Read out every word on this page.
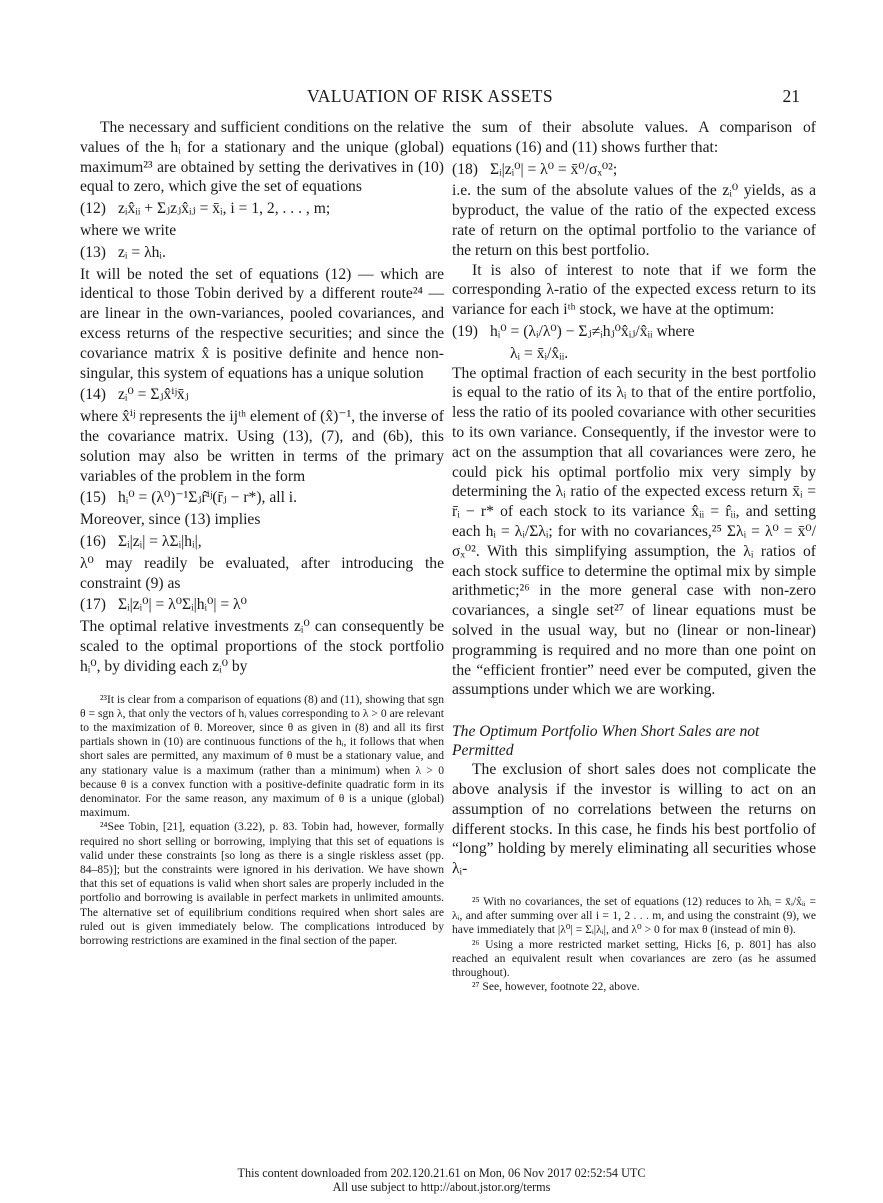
VALUATION OF RISK ASSETS	21

The necessary and sufficient conditions on the relative values of the hᵢ for a stationary and the unique (global) maximum²³ are obtained by setting the derivatives in (10) equal to zero, which give the set of equations

(12) zᵢx̂ᵢᵢ + Σⱼzⱼx̂ᵢⱼ = x̄ᵢ, i = 1, 2, . . . , m;

where we write

(13) zᵢ = λhᵢ.

It will be noted the set of equations (12) — which are identical to those Tobin derived by a different route²⁴ — are linear in the own-variances, pooled covariances, and excess returns of the respective securities; and since the covariance matrix x̂ is positive definite and hence non-singular, this system of equations has a unique solution

(14) zᵢ⁰ = Σⱼx̂ⁱʲx̄ⱼ

where x̂ⁱʲ represents the ijᵗʰ element of (x̂)⁻¹, the inverse of the covariance matrix. Using (13), (7), and (6b), this solution may also be written in terms of the primary variables of the problem in the form

(15) hᵢ⁰ = (λ⁰)⁻¹Σⱼr̂ⁱʲ(r̄ⱼ − r*), all i.

Moreover, since (13) implies

(16) Σᵢ|zᵢ| = λΣᵢ|hᵢ|,

λ⁰ may readily be evaluated, after introducing the constraint (9) as

(17) Σᵢ|zᵢ⁰| = λ⁰Σᵢ|hᵢ⁰| = λ⁰

The optimal relative investments zᵢ⁰ can consequently be scaled to the optimal proportions of the stock portfolio hᵢ⁰, by dividing each zᵢ⁰ by

²³It is clear from a comparison of equations (8) and (11), showing that sgn θ = sgn λ, that only the vectors of hᵢ values corresponding to λ > 0 are relevant to the maximization of θ. Moreover, since θ as given in (8) and all its first partials shown in (10) are continuous functions of the hᵢ, it follows that when short sales are permitted, any maximum of θ must be a stationary value, and any stationary value is a maximum (rather than a minimum) when λ > 0 because θ is a convex function with a positive-definite quadratic form in its denominator. For the same reason, any maximum of θ is a unique (global) maximum.

²⁴See Tobin, [21], equation (3.22), p. 83. Tobin had, however, formally required no short selling or borrowing, implying that this set of equations is valid under these constraints [so long as there is a single riskless asset (pp. 84–85)]; but the constraints were ignored in his derivation. We have shown that this set of equations is valid when short sales are properly included in the portfolio and borrowing is available in perfect markets in unlimited amounts. The alternative set of equilibrium conditions required when short sales are ruled out is given immediately below. The complications introduced by borrowing restrictions are examined in the final section of the paper.

the sum of their absolute values. A comparison of equations (16) and (11) shows further that:

(18) Σᵢ|zᵢ⁰| = λ⁰ = x̄⁰/σₓ⁰²;

i.e. the sum of the absolute values of the zᵢ⁰ yields, as a byproduct, the value of the ratio of the expected excess rate of return on the optimal portfolio to the variance of the return on this best portfolio.

It is also of interest to note that if we form the corresponding λ-ratio of the expected excess return to its variance for each iᵗʰ stock, we have at the optimum:

(19) hᵢ⁰ = (λᵢ/λ⁰) − Σⱼ≠ᵢhⱼ⁰x̂ᵢⱼ/x̂ᵢᵢ where
λᵢ = x̄ᵢ/x̂ᵢᵢ.

The optimal fraction of each security in the best portfolio is equal to the ratio of its λᵢ to that of the entire portfolio, less the ratio of its pooled covariance with other securities to its own variance. Consequently, if the investor were to act on the assumption that all covariances were zero, he could pick his optimal portfolio mix very simply by determining the λᵢ ratio of the expected excess return x̄ᵢ = r̄ᵢ − r* of each stock to its variance x̂ᵢᵢ = r̂ᵢᵢ, and setting each hᵢ = λᵢ/Σλᵢ; for with no covariances,²⁵ Σλᵢ = λ⁰ = x̄⁰/σₓ⁰². With this simplifying assumption, the λᵢ ratios of each stock suffice to determine the optimal mix by simple arithmetic;²⁶ in the more general case with non-zero covariances, a single set²⁷ of linear equations must be solved in the usual way, but no (linear or non-linear) programming is required and no more than one point on the “efficient frontier” need ever be computed, given the assumptions under which we are working.

The Optimum Portfolio When Short Sales are not Permitted

The exclusion of short sales does not complicate the above analysis if the investor is willing to act on an assumption of no correlations between the returns on different stocks. In this case, he finds his best portfolio of “long” holding by merely eliminating all securities whose λᵢ-

²⁵ With no covariances, the set of equations (12) reduces to λhᵢ = x̄ᵢ/x̂ᵢᵢ = λᵢ, and after summing over all i = 1, 2 . . . m, and using the constraint (9), we have immediately that |λ⁰| = Σᵢ|λᵢ|, and λ⁰ > 0 for max θ (instead of min θ).

²⁶ Using a more restricted market setting, Hicks [6, p. 801] has also reached an equivalent result when covariances are zero (as he assumed throughout).

²⁷ See, however, footnote 22, above.

This content downloaded from 202.120.21.61 on Mon, 06 Nov 2017 02:52:54 UTC
All use subject to http://about.jstor.org/terms
